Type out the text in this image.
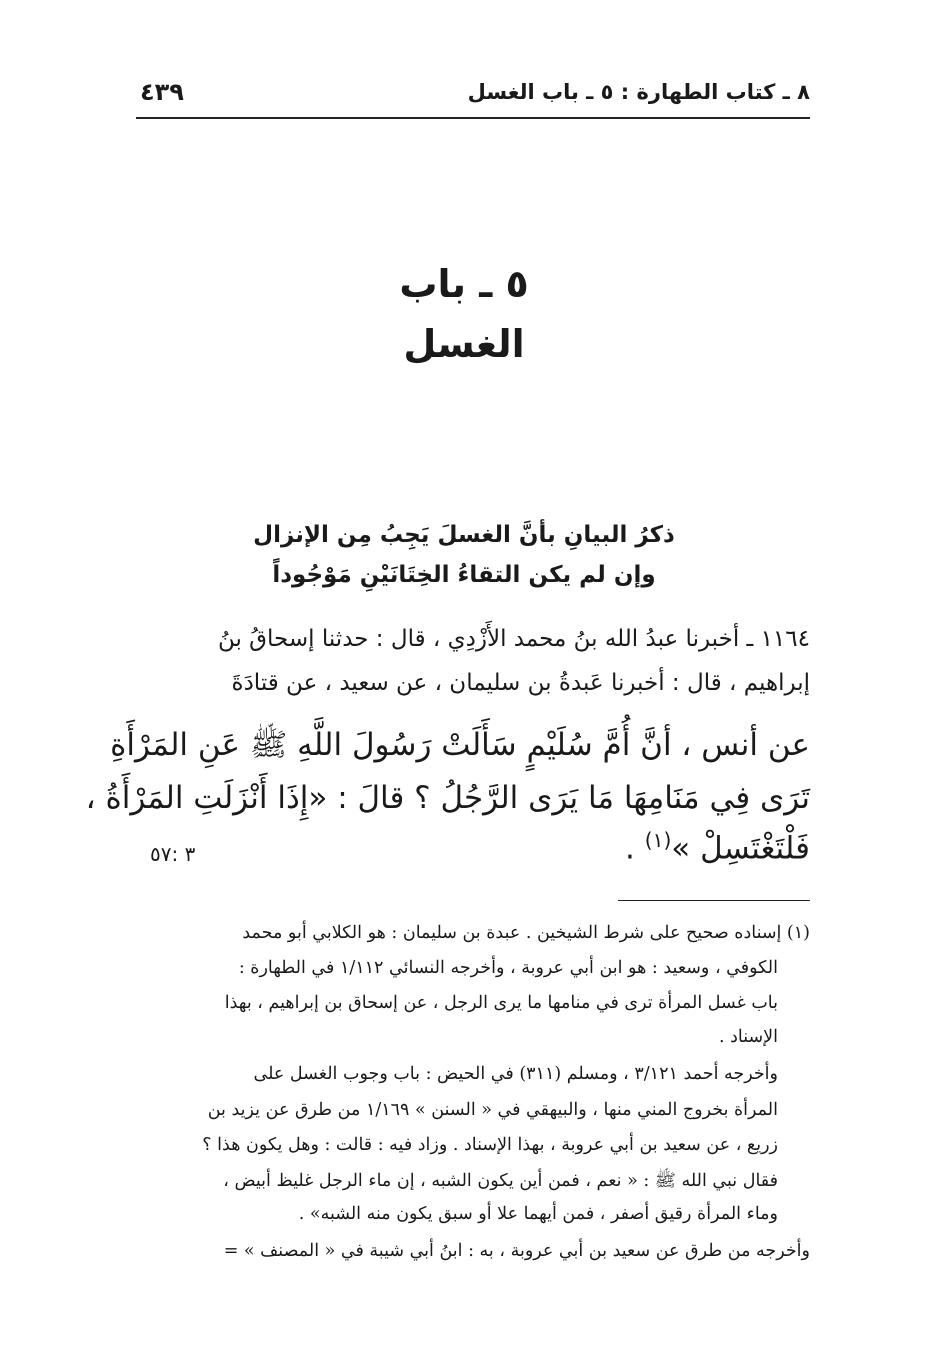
٨ ـ كتاب الطهارة : ٥ ـ باب الغسل
٤٣٩
٥ ـ باب
الغسل
ذكرُ البيانِ بأنَّ الغسلَ يَجِبُ مِن الإنزال
وإن لم يكن التقاءُ الخِتَانَيْنِ مَوْجُوداً
١١٦٤ ـ أخبرنا عبدُ الله بنُ محمد الأَزْدِي ، قال : حدثنا إسحاقُ بنُ
إبراهيم ، قال : أخبرنا عَبدةُ بن سليمان ، عن سعيد ، عن قتادَةَ
عن أنس ، أنَّ أُمَّ سُلَيْمٍ سَأَلَتْ رَسُولَ اللَّهِ ﷺ عَنِ المَرْأَةِ
تَرَى فِي مَنَامِهَا مَا يَرَى الرَّجُلُ ؟ قالَ : «إِذَا أَنْزَلَتِ المَرْأَةُ ،
فَلْتَغْتَسِلْ »$^{(١)}$ .
٣ :٥٧
(١) إسناده صحيح على شرط الشيخين . عبدة بن سليمان : هو الكلابي أبو محمد
الكوفي ، وسعيد : هو ابن أبي عروبة ، وأخرجه النسائي ١/١١٢ في الطهارة :
باب غسل المرأة ترى في منامها ما يرى الرجل ، عن إسحاق بن إبراهيم ، بهذا
الإسناد .
وأخرجه أحمد ٣/١٢١ ، ومسلم (٣١١) في الحيض : باب وجوب الغسل على
المرأة بخروج المني منها ، والبيهقي في « السنن » ١/١٦٩ من طرق عن يزيد بن
زريع ، عن سعيد بن أبي عروبة ، بهذا الإسناد . وزاد فيه : قالت : وهل يكون هذا ؟
فقال نبي الله ﷺ : « نعم ، فمن أين يكون الشبه ، إن ماء الرجل غليظ أبيض ،
وماء المرأة رقيق أصفر ، فمن أيهما علا أو سبق يكون منه الشبه» .
وأخرجه من طرق عن سعيد بن أبي عروبة ، به : ابنُ أبي شيبة في « المصنف » =
